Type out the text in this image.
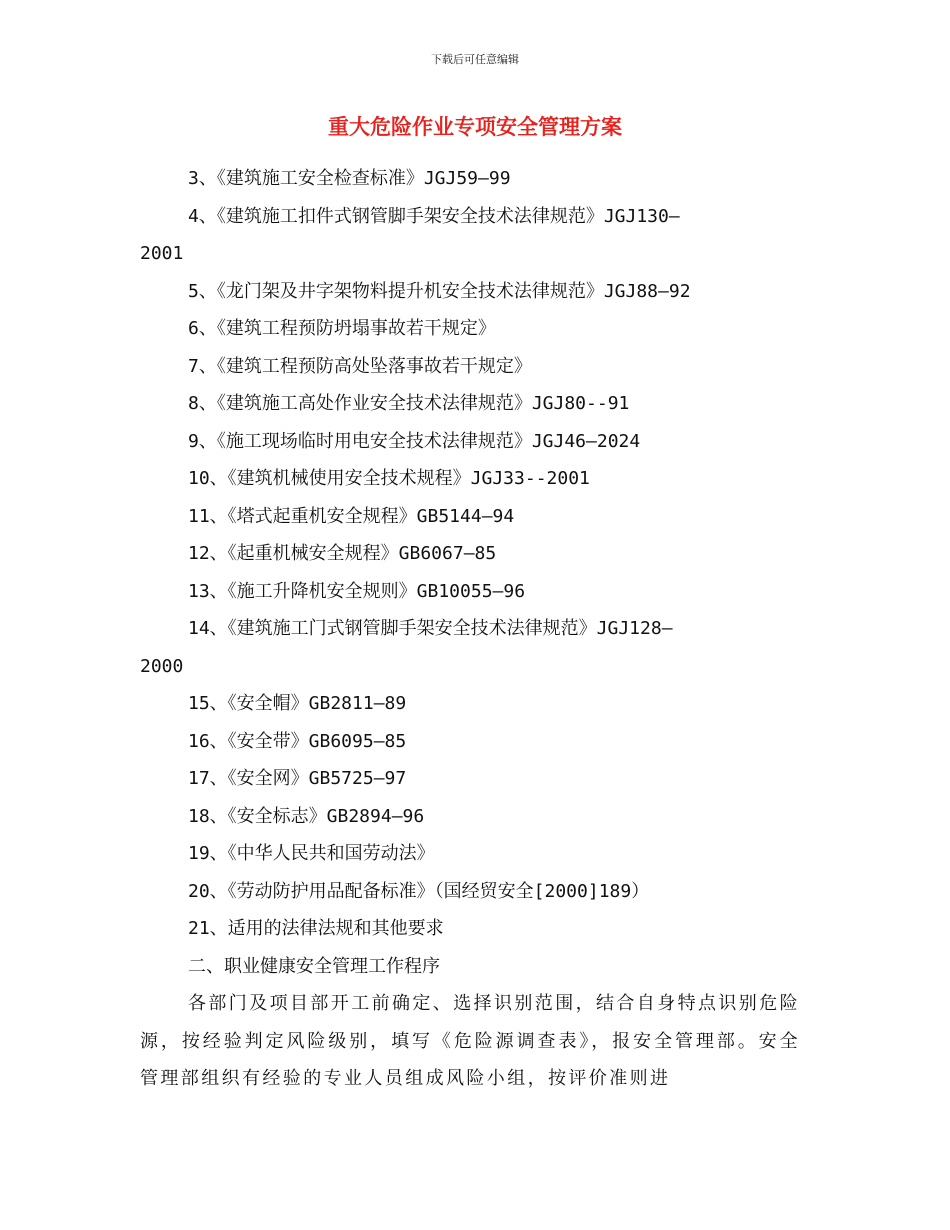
下载后可任意编辑
重大危险作业专项安全管理方案

3、《建筑施工安全检查标准》JGJ59—99

4、《建筑施工扣件式钢管脚手架安全技术法律规范》JGJ130—

2001

5、《龙门架及井字架物料提升机安全技术法律规范》JGJ88—92

6、《建筑工程预防坍塌事故若干规定》

7、《建筑工程预防高处坠落事故若干规定》

8、《建筑施工高处作业安全技术法律规范》JGJ80--91

9、《施工现场临时用电安全技术法律规范》JGJ46—2024

10、《建筑机械使用安全技术规程》JGJ33--2001

11、《塔式起重机安全规程》GB5144—94

12、《起重机械安全规程》GB6067—85

13、《施工升降机安全规则》GB10055—96

14、《建筑施工门式钢管脚手架安全技术法律规范》JGJ128—

2000

15、《安全帽》GB2811—89

16、《安全带》GB6095—85

17、《安全网》GB5725—97

18、《安全标志》GB2894—96

19、《中华人民共和国劳动法》

20、《劳动防护用品配备标准》（国经贸安全[2000]189）

21、适用的法律法规和其他要求

二、职业健康安全管理工作程序

各部门及项目部开工前确定、选择识别范围，结合自身特点识别危险源，按经验判定风险级别，填写《危险源调查表》，报安全管理部。安全管理部组织有经验的专业人员组成风险小组，按评价准则进
